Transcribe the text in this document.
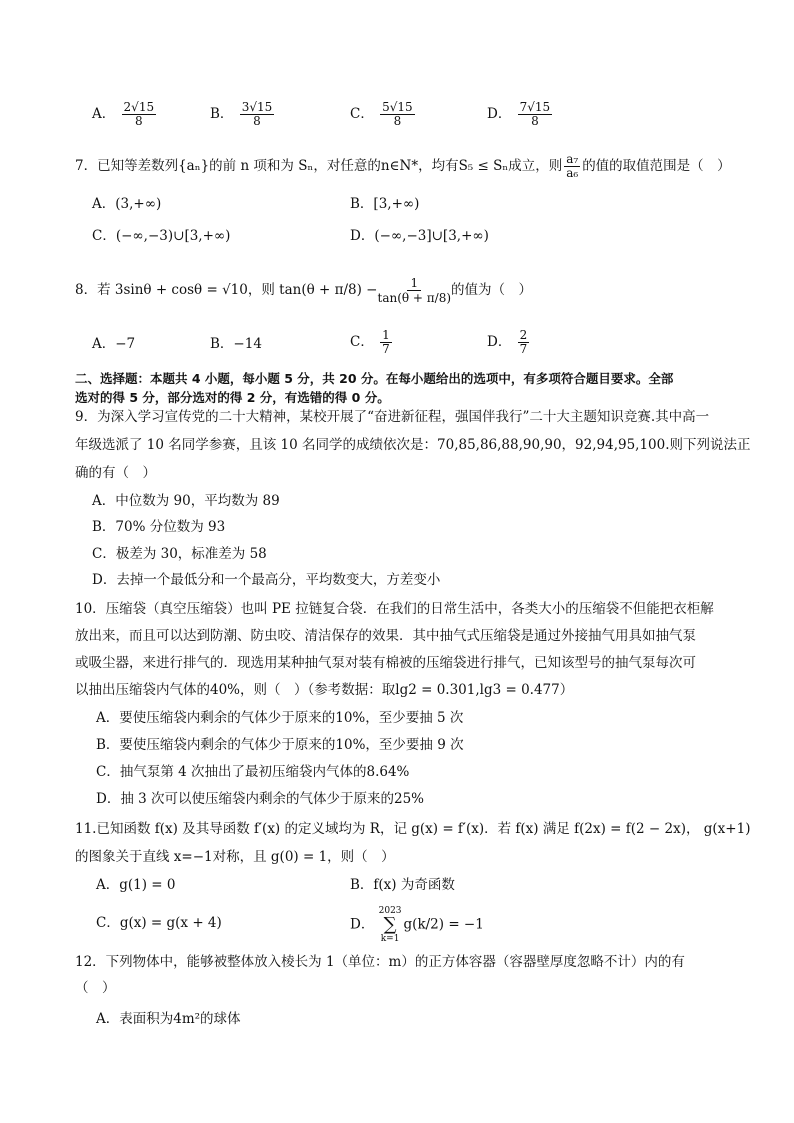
A． $\frac{2√15}{8}$	B． $\frac{3√15}{8}$	C． $\frac{5√15}{8}$	D． $\frac{7√15}{8}$
7．已知等差数列{aₙ}的前 n 项和为 Sₙ，对任意的n∈N*，均有S₅ ≤ Sₙ成立，则 $\frac{\text{a₇}}{\text{a₆}}$ 的值的取值范围是（　）
A．(3,+∞)	B．[3,+∞)
C．(−∞,−3)∪[3,+∞)	D．(−∞,−3]∪[3,+∞)
8．若 3sinθ + cosθ = √10，则 $\tan(\theta + \pi/8) - \frac{1}{\tan(\theta + \pi/8)}$ 的值为（　）
A．−7	B．−14	C． $\frac{1}{7}$	D． $\frac{2}{7}$
二、选择题：本题共 4 小题，每小题 5 分，共 20 分。在每小题给出的选项中，有多项符合题目要求。全部
选对的得 5 分，部分选对的得 2 分，有选错的得 0 分。
9．为深入学习宣传党的二十大精神，某校开展了“奋进新征程，强国伴我行”二十大主题知识竞赛.其中高一
年级选派了 10 名同学参赛，且该 10 名同学的成绩依次是：70,85,86,88,90,90，92,94,95,100.则下列说法正
确的有（　）
A．中位数为 90，平均数为 89
B．70% 分位数为 93
C．极差为 30，标准差为 58
D．去掉一个最低分和一个最高分，平均数变大，方差变小
10．压缩袋（真空压缩袋）也叫 PE 拉链复合袋．在我们的日常生活中，各类大小的压缩袋不但能把衣柜解
放出来，而且可以达到防潮、防虫咬、清洁保存的效果．其中抽气式压缩袋是通过外接抽气用具如抽气泵
或吸尘器，来进行排气的．现选用某种抽气泵对装有棉被的压缩袋进行排气，已知该型号的抽气泵每次可
以抽出压缩袋内气体的40%，则（　）（参考数据：取lg2 = 0.301,lg3 = 0.477）
A．要使压缩袋内剩余的气体少于原来的10%，至少要抽 5 次
B．要使压缩袋内剩余的气体少于原来的10%，至少要抽 9 次
C．抽气泵第 4 次抽出了最初压缩袋内气体的8.64%
D．抽 3 次可以使压缩袋内剩余的气体少于原来的25%
11.已知函数 f(x) 及其导函数 f′(x) 的定义域均为 R，记 g(x) = f′(x)．若 f(x) 满足 f(2x) = f(2 − 2x)， g(x+1)
的图象关于直线 x=−1对称，且 g(0) = 1，则（　）
A．g(1) = 0	B．f(x) 为奇函数
C．g(x) = g(x + 4)	D．
2023
∑
k=1
g(k/2) = −1
12．下列物体中，能够被整体放入棱长为 1（单位：m）的正方体容器（容器壁厚度忽略不计）内的有
（　）
A．表面积为4m²的球体
